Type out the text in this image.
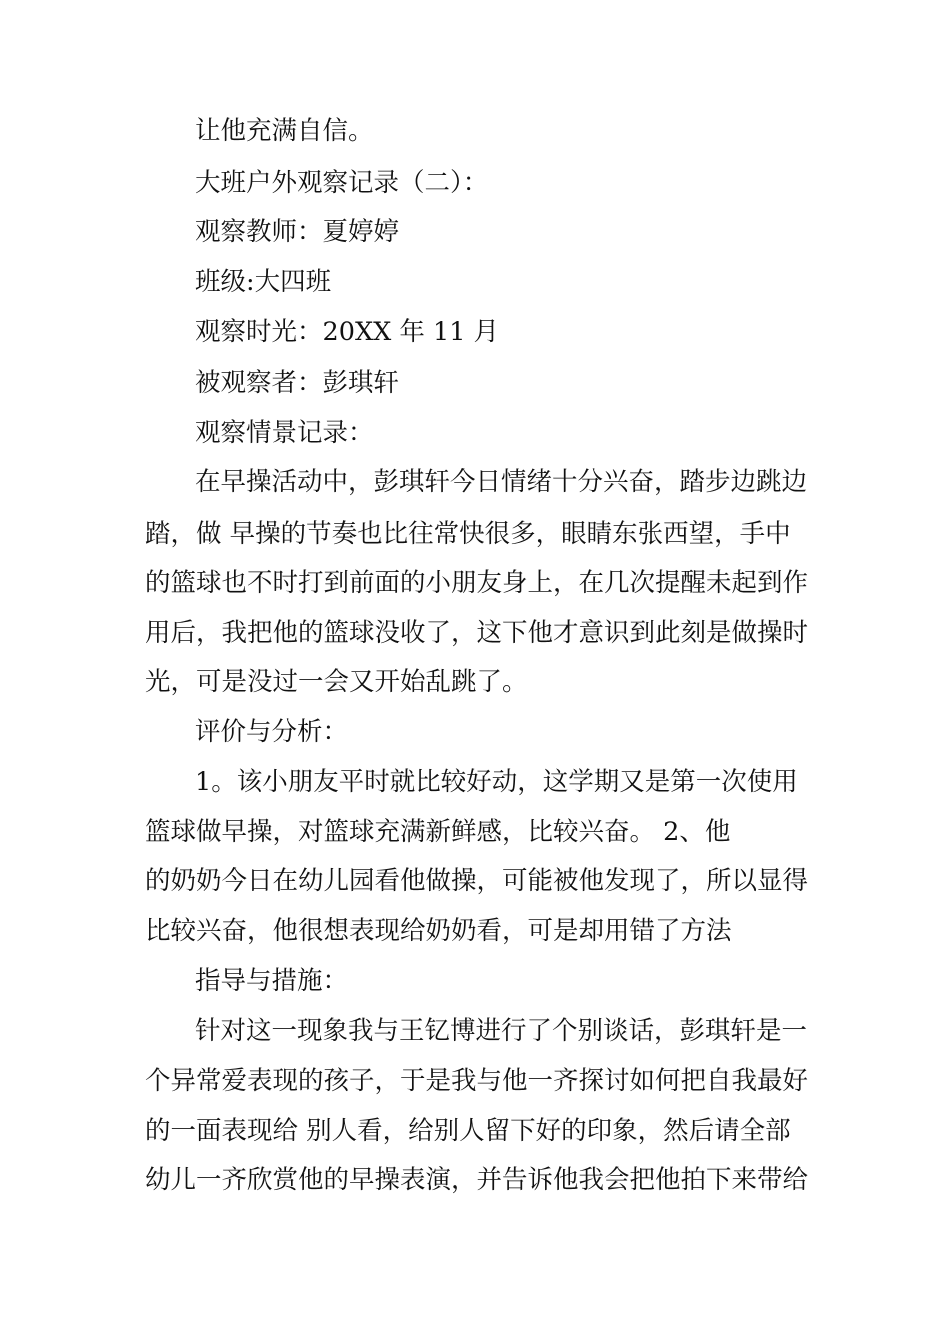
让他充满自信。
大班户外观察记录（二）：
观察教师：夏婷婷
班级:大四班
观察时光：20XX 年 11 月
被观察者：彭琪轩
观察情景记录：
在早操活动中，彭琪轩今日情绪十分兴奋，踏步边跳边
踏，做 早操的节奏也比往常快很多，眼睛东张西望，手中
的篮球也不时打到前面的小朋友身上，在几次提醒未起到作
用后，我把他的篮球没收了，这下他才意识到此刻是做操时
光，可是没过一会又开始乱跳了。
评价与分析：
1。该小朋友平时就比较好动，这学期又是第一次使用
篮球做早操，对篮球充满新鲜感，比较兴奋。 2、他
的奶奶今日在幼儿园看他做操，可能被他发现了，所以显得
比较兴奋，他很想表现给奶奶看，可是却用错了方法
指导与措施：
针对这一现象我与王钇博进行了个别谈话，彭琪轩是一
个异常爱表现的孩子，于是我与他一齐探讨如何把自我最好
的一面表现给 别人看，给别人留下好的印象，然后请全部
幼儿一齐欣赏他的早操表演，并告诉他我会把他拍下来带给
